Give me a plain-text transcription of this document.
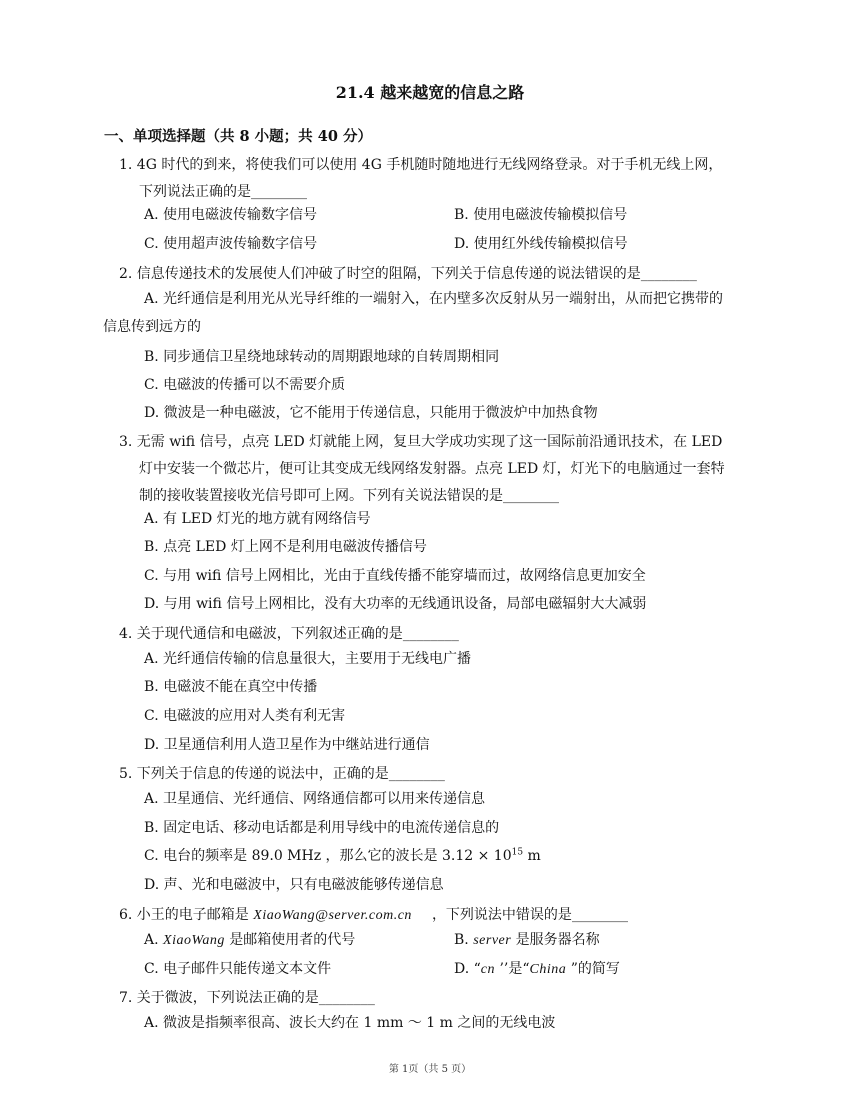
21.4 越来越宽的信息之路
一、单项选择题（共 8 小题；共 40 分）
1. 4G 时代的到来，将使我们可以使用 4G 手机随时随地进行无线网络登录。对于手机无线上网，
下列说法正确的是________
A. 使用电磁波传输数字信号	B. 使用电磁波传输模拟信号
C. 使用超声波传输数字信号	D. 使用红外线传输模拟信号
2. 信息传递技术的发展使人们冲破了时空的阻隔，下列关于信息传递的说法错误的是________
A. 光纤通信是利用光从光导纤维的一端射入，在内壁多次反射从另一端射出，从而把它携带的
信息传到远方的
B. 同步通信卫星绕地球转动的周期跟地球的自转周期相同
C. 电磁波的传播可以不需要介质
D. 微波是一种电磁波，它不能用于传递信息，只能用于微波炉中加热食物
3. 无需 wifi 信号，点亮 LED 灯就能上网，复旦大学成功实现了这一国际前沿通讯技术，在 LED
灯中安装一个微芯片，便可让其变成无线网络发射器。点亮 LED 灯，灯光下的电脑通过一套特
制的接收装置接收光信号即可上网。下列有关说法错误的是________
A. 有 LED 灯光的地方就有网络信号
B. 点亮 LED 灯上网不是利用电磁波传播信号
C. 与用 wifi 信号上网相比，光由于直线传播不能穿墙而过，故网络信息更加安全
D. 与用 wifi 信号上网相比，没有大功率的无线通讯设备，局部电磁辐射大大减弱
4. 关于现代通信和电磁波，下列叙述正确的是________
A. 光纤通信传输的信息量很大，主要用于无线电广播
B. 电磁波不能在真空中传播
C. 电磁波的应用对人类有利无害
D. 卫星通信利用人造卫星作为中继站进行通信
5. 下列关于信息的传递的说法中，正确的是________
A. 卫星通信、光纤通信、网络通信都可以用来传递信息
B. 固定电话、移动电话都是利用导线中的电流传递信息的
C. 电台的频率是 89.0 MHz ，那么它的波长是 $3.12 \times 10^{15}$ m
D. 声、光和电磁波中，只有电磁波能够传递信息
6. 小王的电子邮箱是 XiaoWang@server.com.cn ，下列说法中错误的是________
A. XiaoWang 是邮箱使用者的代号	B. server 是服务器名称
C. 电子邮件只能传递文本文件	D. “cn ’’是“China ”的简写
7. 关于微波，下列说法正确的是________
A. 微波是指频率很高、波长大约在 1 mm ～ 1 m 之间的无线电波
第 1页（共 5 页）
